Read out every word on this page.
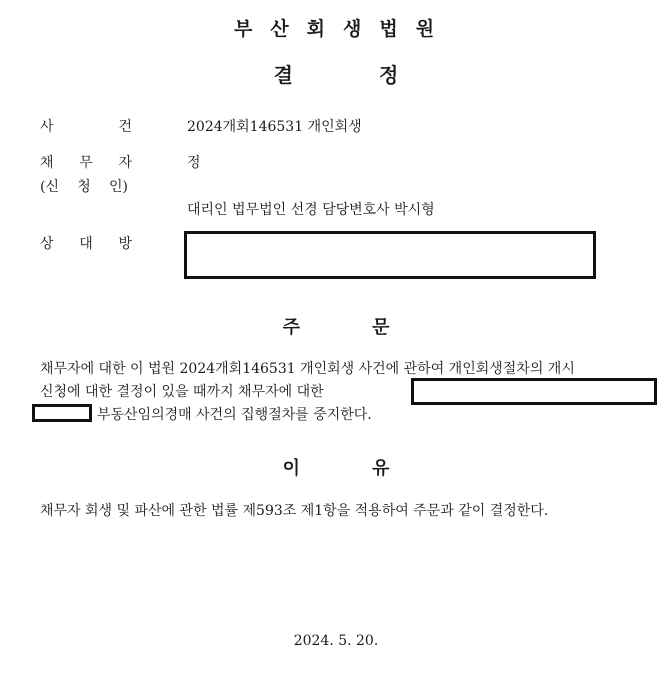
부산회생법원
결정
사	건	2024개회146531 개인회생
채 무 자
(신 청 인)
정
대리인 법무법인 선경 담당변호사 박시형
상 대 방
주문
채무자에 대한 이 법원 2024개회146531 개인회생 사건에 관하여 개인회생절차의 개시
신청에 대한 결정이 있을 때까지 채무자에 대한
부동산임의경매 사건의 집행절차를 중지한다.
이유
채무자 회생 및 파산에 관한 법률 제593조 제1항을 적용하여 주문과 같이 결정한다.
2024. 5. 20.
